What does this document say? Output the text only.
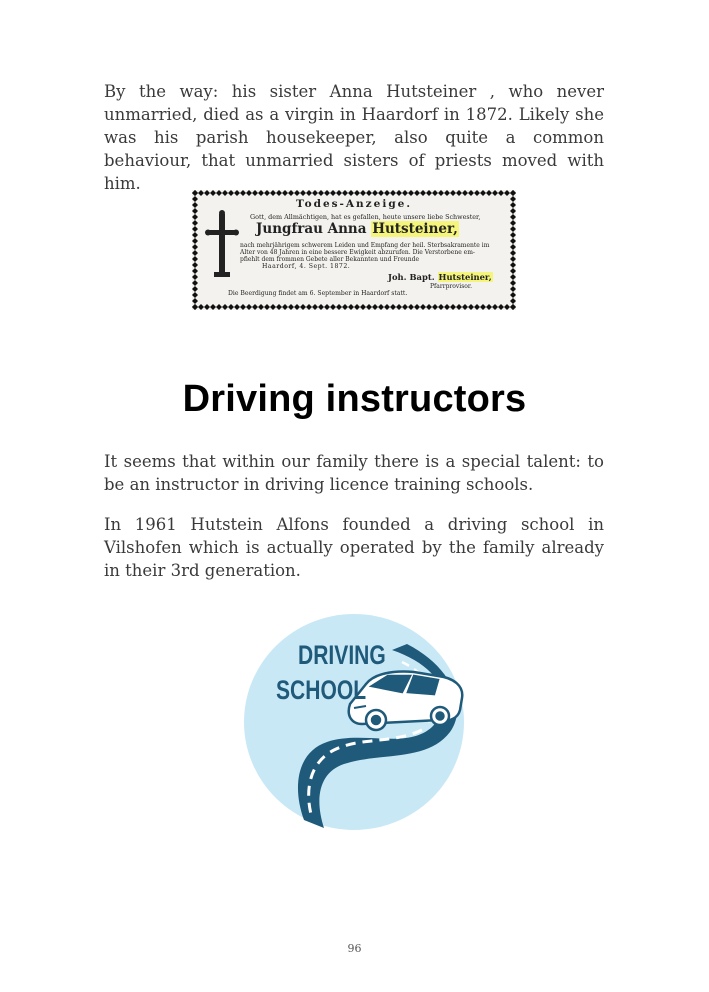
By the way: his sister Anna Hutsteiner , who never unmarried, died as a virgin in Haardorf in 1872. Likely she was his parish housekeeper, also quite a common behaviour, that unmarried sisters of priests moved with him.

Todes-Anzeige.
Gott, dem Allmächtigen, hat es gefallen, heute unsere liebe Schwester,
Jungfrau Anna Hutsteiner,
nach mehrjährigem schwerem Leiden und Empfang der heil. Sterbsakramente im
Alter von 48 Jahren in eine bessere Ewigkeit abzurufen. Die Verstorbene em-
pfiehlt dem frommen Gebete aller Bekannten und Freunde
Haardorf, 4. Sept. 1872.
Joh. Bapt. Hutsteiner,
Pfarrprovisor.
Die Beerdigung findet am 6. September in Haardorf statt.
Driving instructors

It seems that within our family there is a special talent: to be an instructor in driving licence training schools.

In 1961 Hutstein Alfons founded a driving school in Vilshofen which is actually operated by the family already in their 3rd generation.

DRIVING
SCHOOL
96
